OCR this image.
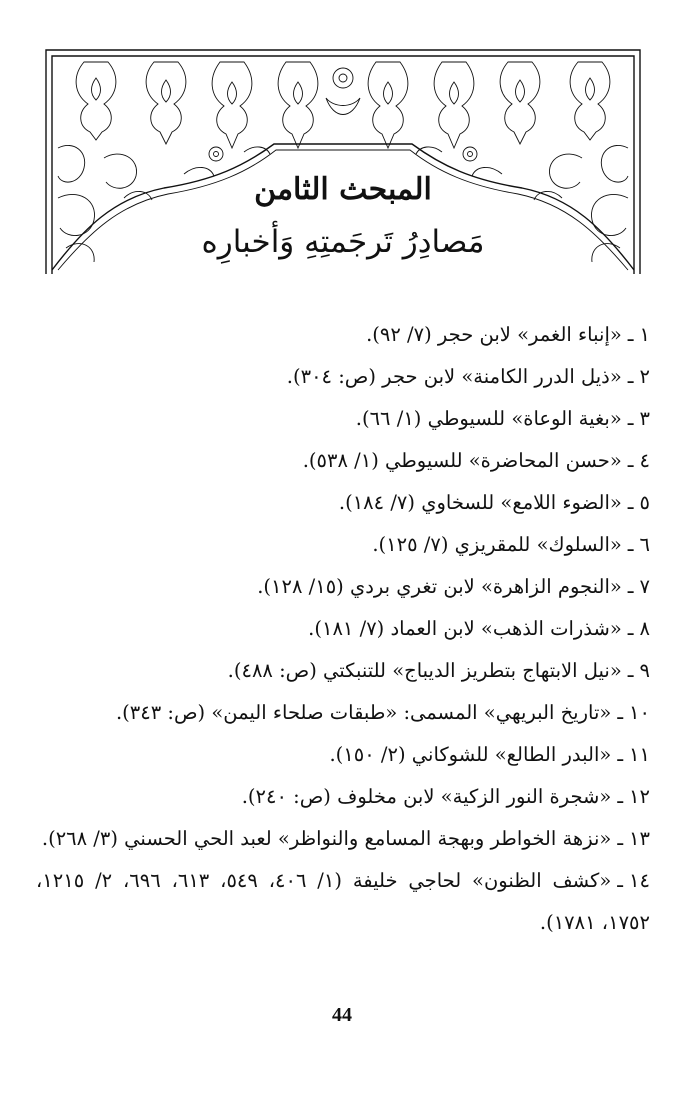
المبحث الثامن
مَصادِرُ تَرجَمتِهِ وَأخبارِه
١ـ«إنباء الغمر» لابن حجر (٧/ ٩٢).
٢ـ«ذيل الدرر الكامنة» لابن حجر (ص: ٣٠٤).
٣ـ«بغية الوعاة» للسيوطي (١/ ٦٦).
٤ـ«حسن المحاضرة» للسيوطي (١/ ٥٣٨).
٥ـ«الضوء اللامع» للسخاوي (٧/ ١٨٤).
٦ـ«السلوك» للمقريزي (٧/ ١٢٥).
٧ـ«النجوم الزاهرة» لابن تغري بردي (١٥/ ١٢٨).
٨ـ«شذرات الذهب» لابن العماد (٧/ ١٨١).
٩ـ«نيل الابتهاج بتطريز الديباج» للتنبكتي (ص: ٤٨٨).
١٠ـ«تاريخ البريهي» المسمى: «طبقات صلحاء اليمن» (ص: ٣٤٣).
١١ـ«البدر الطالع» للشوكاني (٢/ ١٥٠).
١٢ـ«شجرة النور الزكية» لابن مخلوف (ص: ٢٤٠).
١٣ـ«نزهة الخواطر وبهجة المسامع والنواظر» لعبد الحي الحسني (٣/ ٢٦٨).
١٤ـ«كشف الظنون» لحاجي خليفة (١/ ٤٠٦، ٥٤٩، ٦١٣، ٦٩٦، ٢/ ١٢١٥، ١٧٥٢، ١٧٨١).
44
